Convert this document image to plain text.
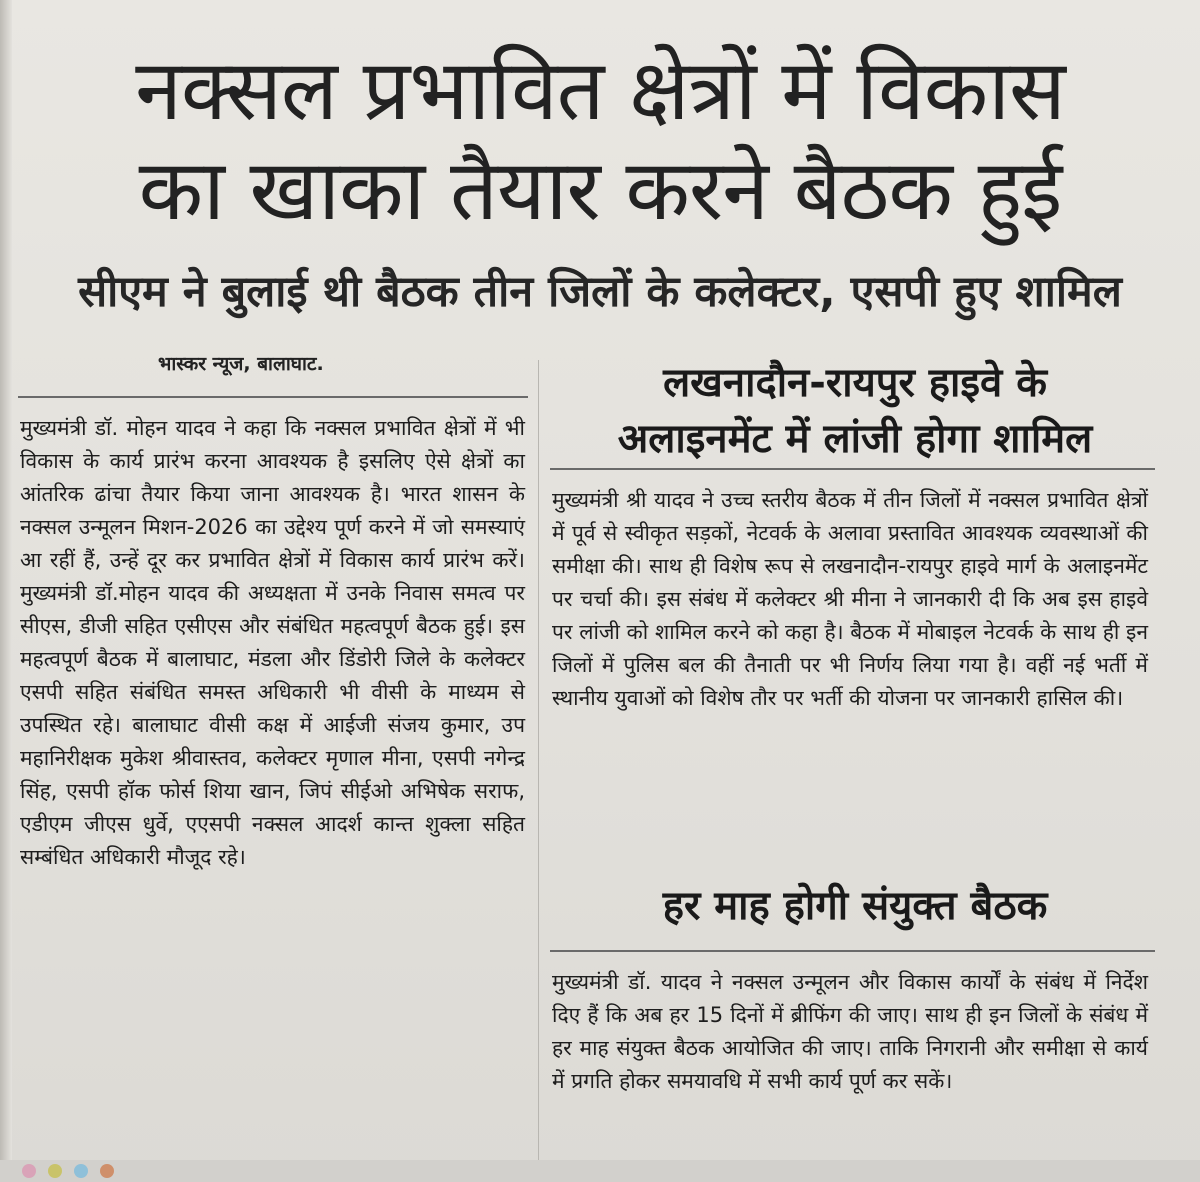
नक्सल प्रभावित क्षेत्रों में विकास
का खाका तैयार करने बैठक हुई
सीएम ने बुलाई थी बैठक तीन जिलों के कलेक्टर, एसपी हुए शामिल
भास्कर न्यूज, बालाघाट.

मुख्यमंत्री डॉ. मोहन यादव ने कहा कि नक्सल प्रभावित क्षेत्रों में भी विकास के कार्य प्रारंभ करना आवश्यक है इसलिए ऐसे क्षेत्रों का आंतरिक ढांचा तैयार किया जाना आवश्यक है। भारत शासन के नक्सल उन्मूलन मिशन-2026 का उद्देश्य पूर्ण करने में जो समस्याएं आ रहीं हैं, उन्हें दूर कर प्रभावित क्षेत्रों में विकास कार्य प्रारंभ करें। मुख्यमंत्री डॉ.मोहन यादव की अध्यक्षता में उनके निवास समत्व पर सीएस, डीजी सहित एसीएस और संबंधित महत्वपूर्ण बैठक हुई। इस महत्वपूर्ण बैठक में बालाघाट, मंडला और डिंडोरी जिले के कलेक्टर एसपी सहित संबंधित समस्त अधिकारी भी वीसी के माध्यम से उपस्थित रहे। बालाघाट वीसी कक्ष में आईजी संजय कुमार, उप महानिरीक्षक मुकेश श्रीवास्तव, कलेक्टर मृणाल मीना, एसपी नगेन्द्र सिंह, एसपी हॉक फोर्स शिया खान, जिपं सीईओ अभिषेक सराफ, एडीएम जीएस धुर्वे, एएसपी नक्सल आदर्श कान्त शुक्ला सहित सम्बंधित अधिकारी मौजूद रहे।

लखनादौन-रायपुर हाइवे के
अलाइनमेंट में लांजी होगा शामिल
मुख्यमंत्री श्री यादव ने उच्च स्तरीय बैठक में तीन जिलों में नक्सल प्रभावित क्षेत्रों में पूर्व से स्वीकृत सड़कों, नेटवर्क के अलावा प्रस्तावित आवश्यक व्यवस्थाओं की समीक्षा की। साथ ही विशेष रूप से लखनादौन-रायपुर हाइवे मार्ग के अलाइनमेंट पर चर्चा की। इस संबंध में कलेक्टर श्री मीना ने जानकारी दी कि अब इस हाइवे पर लांजी को शामिल करने को कहा है। बैठक में मोबाइल नेटवर्क के साथ ही इन जिलों में पुलिस बल की तैनाती पर भी निर्णय लिया गया है। वहीं नई भर्ती में स्थानीय युवाओं को विशेष तौर पर भर्ती की योजना पर जानकारी हासिल की।
हर माह होगी संयुक्त बैठक
मुख्यमंत्री डॉ. यादव ने नक्सल उन्मूलन और विकास कार्यों के संबंध में निर्देश दिए हैं कि अब हर 15 दिनों में ब्रीफिंग की जाए। साथ ही इन जिलों के संबंध में हर माह संयुक्त बैठक आयोजित की जाए। ताकि निगरानी और समीक्षा से कार्य में प्रगति होकर समयावधि में सभी कार्य पूर्ण कर सकें।
